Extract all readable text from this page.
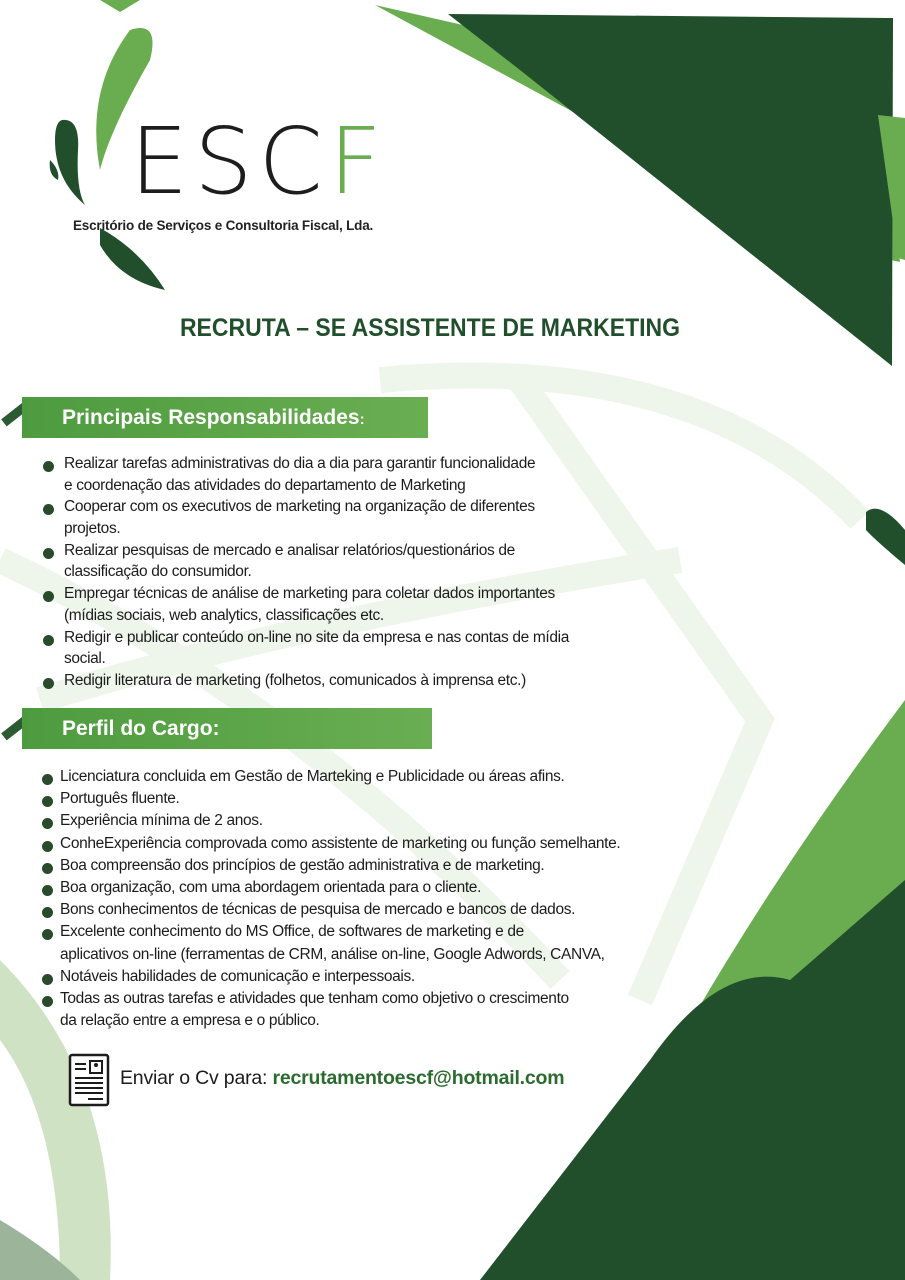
ESCF
Escritório de Serviços e Consultoria Fiscal, Lda.
RECRUTA – SE ASSISTENTE DE MARKETING
Principais Responsabilidades:
Realizar tarefas administrativas do dia a dia para garantir funcionalidade
e coordenação das atividades do departamento de Marketing
Cooperar com os executivos de marketing na organização de diferentes
projetos.
Realizar pesquisas de mercado e analisar relatórios/questionários de
classificação do consumidor.
Empregar técnicas de análise de marketing para coletar dados importantes
(mídias sociais, web analytics, classificações etc.
Redigir e publicar conteúdo on-line no site da empresa e nas contas de mídia
social.
Redigir literatura de marketing (folhetos, comunicados à imprensa etc.)
Perfil do Cargo:
Licenciatura concluida em Gestão de Marteking e Publicidade ou áreas afins.
Português fluente.
Experiência mínima de 2 anos.
ConheExperiência comprovada como assistente de marketing ou função semelhante.
Boa compreensão dos princípios de gestão administrativa e de marketing.
Boa organização, com uma abordagem orientada para o cliente.
Bons conhecimentos de técnicas de pesquisa de mercado e bancos de dados.
Excelente conhecimento do MS Office, de softwares de marketing e de
aplicativos on-line (ferramentas de CRM, análise on-line, Google Adwords, CANVA,
Notáveis habilidades de comunicação e interpessoais.
Todas as outras tarefas e atividades que tenham como objetivo o crescimento
da relação entre a empresa e o público.
Enviar o Cv para: recrutamentoescf@hotmail.com
